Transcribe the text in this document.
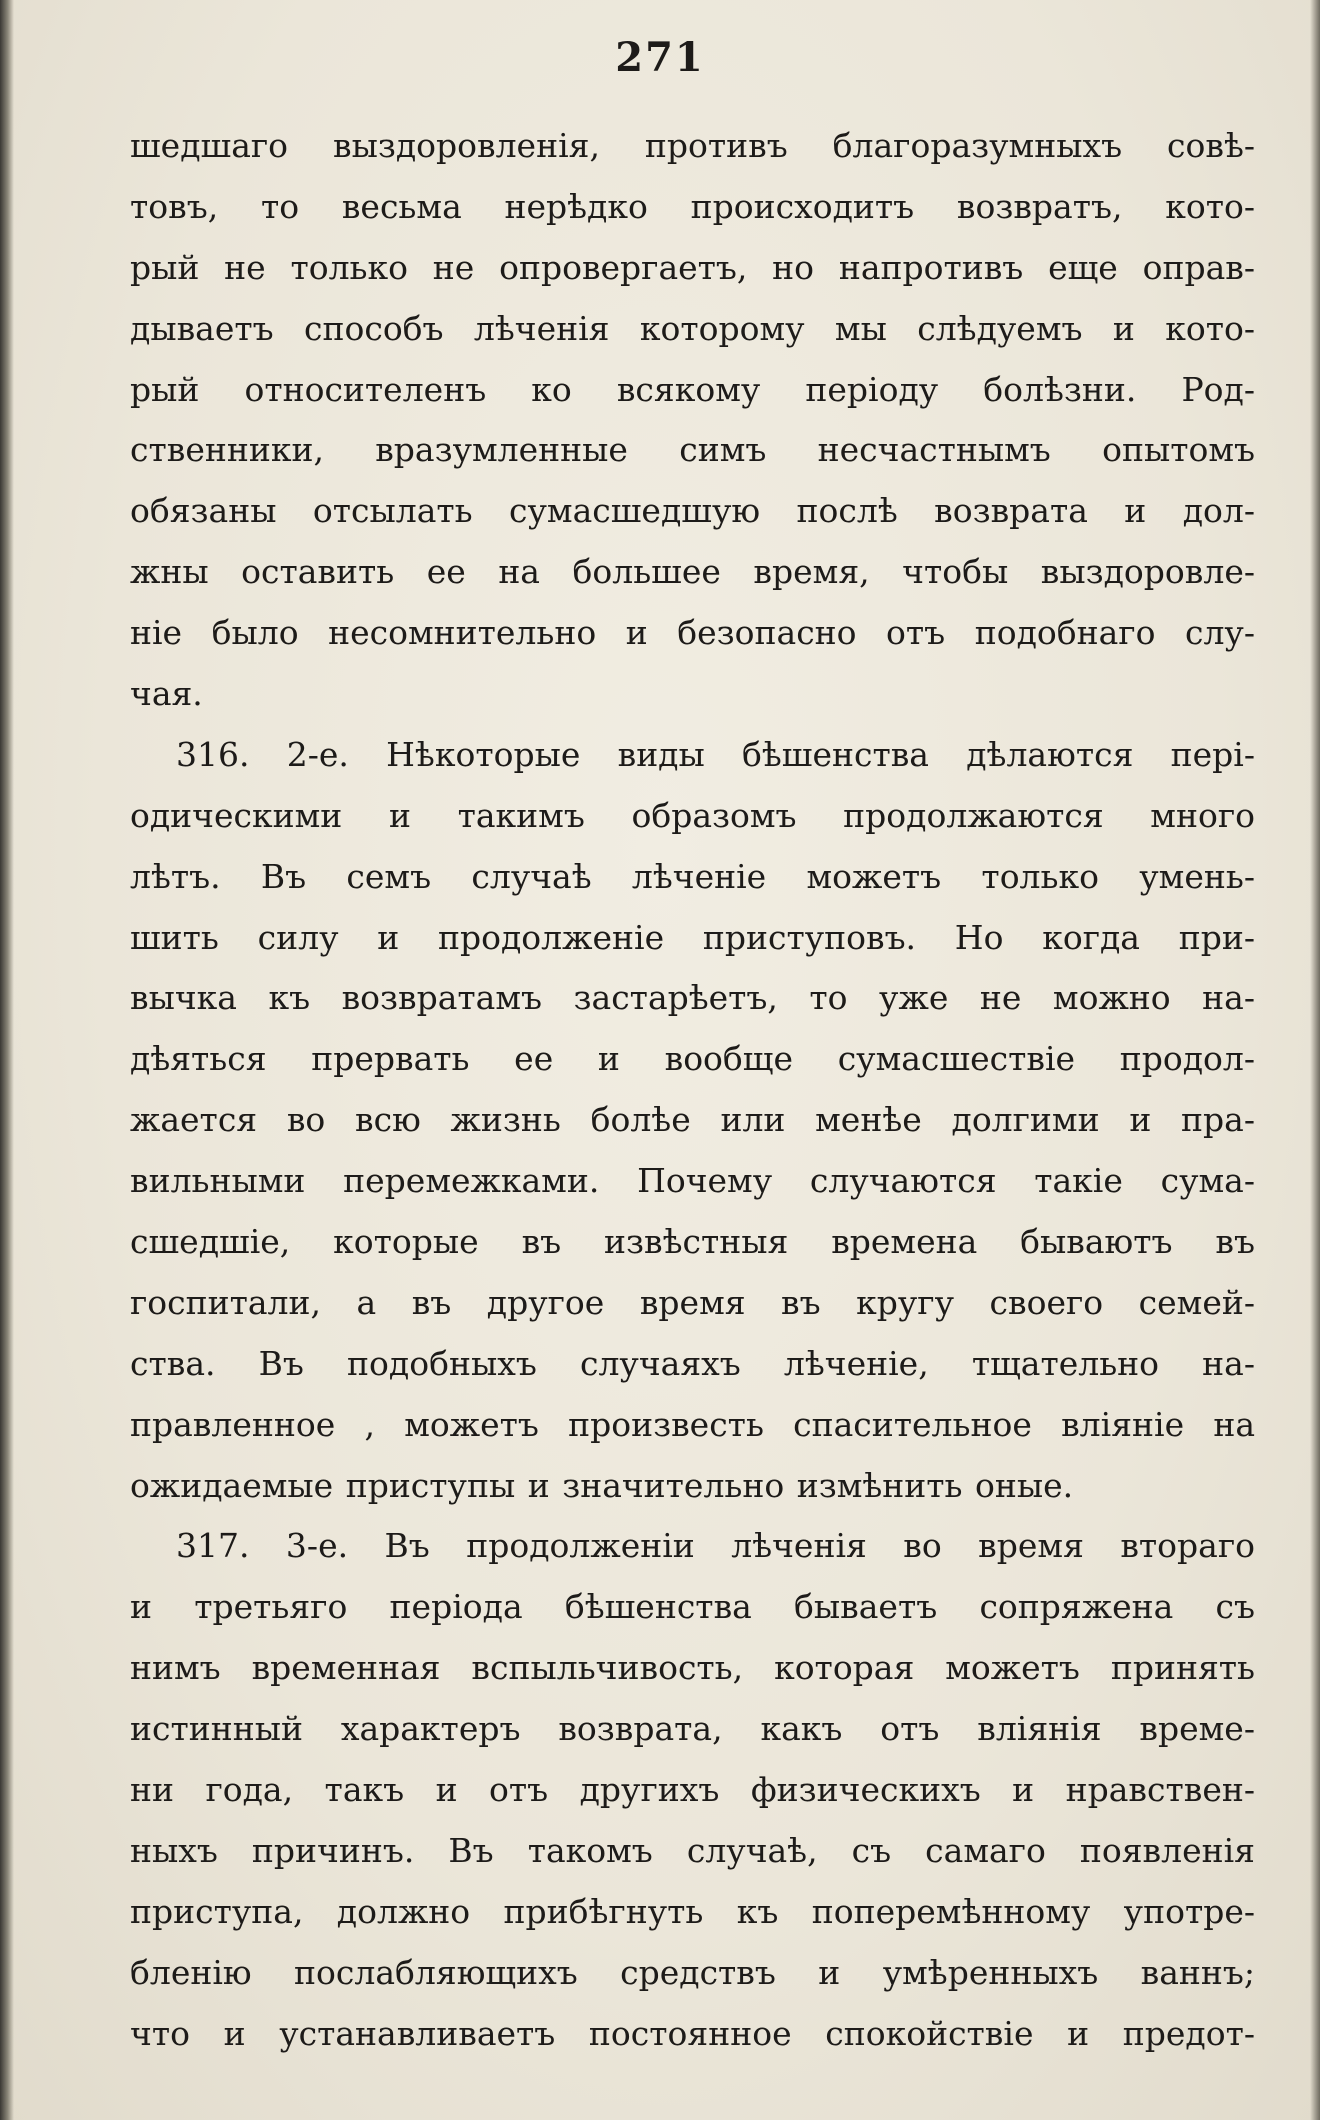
271
шедшаго выздоровленія, противъ благоразумныхъ совѣ-
товъ, то весьма нерѣдко происходитъ возвратъ, кото-
рый не только не опровергаетъ, но напротивъ еще оправ-
дываетъ способъ лѣченія которому мы слѣдуемъ и кото-
рый относителенъ ко всякому періоду болѣзни. Род-
ственники, вразумленные симъ несчастнымъ опытомъ
обязаны отсылать сумасшедшую послѣ возврата и дол-
жны оставить ее на большее время, чтобы выздоровле-
ніе было несомнительно и безопасно отъ подобнаго слу-
чая.
316. 2-е. Нѣкоторые виды бѣшенства дѣлаются пері-
одическими и такимъ образомъ продолжаются много
лѣтъ. Въ семъ случаѣ лѣченіе можетъ только умень-
шить силу и продолженіе приступовъ. Но когда при-
вычка къ возвратамъ застарѣетъ, то уже не можно на-
дѣяться прервать ее и вообще сумасшествіе продол-
жается во всю жизнь болѣе или менѣе долгими и пра-
вильными перемежками. Почему случаются такіе сума-
сшедшіе, которые въ извѣстныя времена бываютъ въ
госпитали, а въ другое время въ кругу своего семей-
ства. Въ подобныхъ случаяхъ лѣченіе, тщательно на-
правленное , можетъ произвесть спасительное вліяніе на
ожидаемые приступы и значительно измѣнить оные.
317. 3-е. Въ продолженіи лѣченія во время втораго
и третьяго періода бѣшенства бываетъ сопряжена съ
нимъ временная вспыльчивость, которая можетъ принять
истинный характеръ возврата, какъ отъ вліянія време-
ни года, такъ и отъ другихъ физическихъ и нравствен-
ныхъ причинъ. Въ такомъ случаѣ, съ самаго появленія
приступа, должно прибѣгнуть къ поперемѣнному употре-
бленію послабляющихъ средствъ и умѣренныхъ ваннъ;
что и устанавливаетъ постоянное спокойствіе и предот-
